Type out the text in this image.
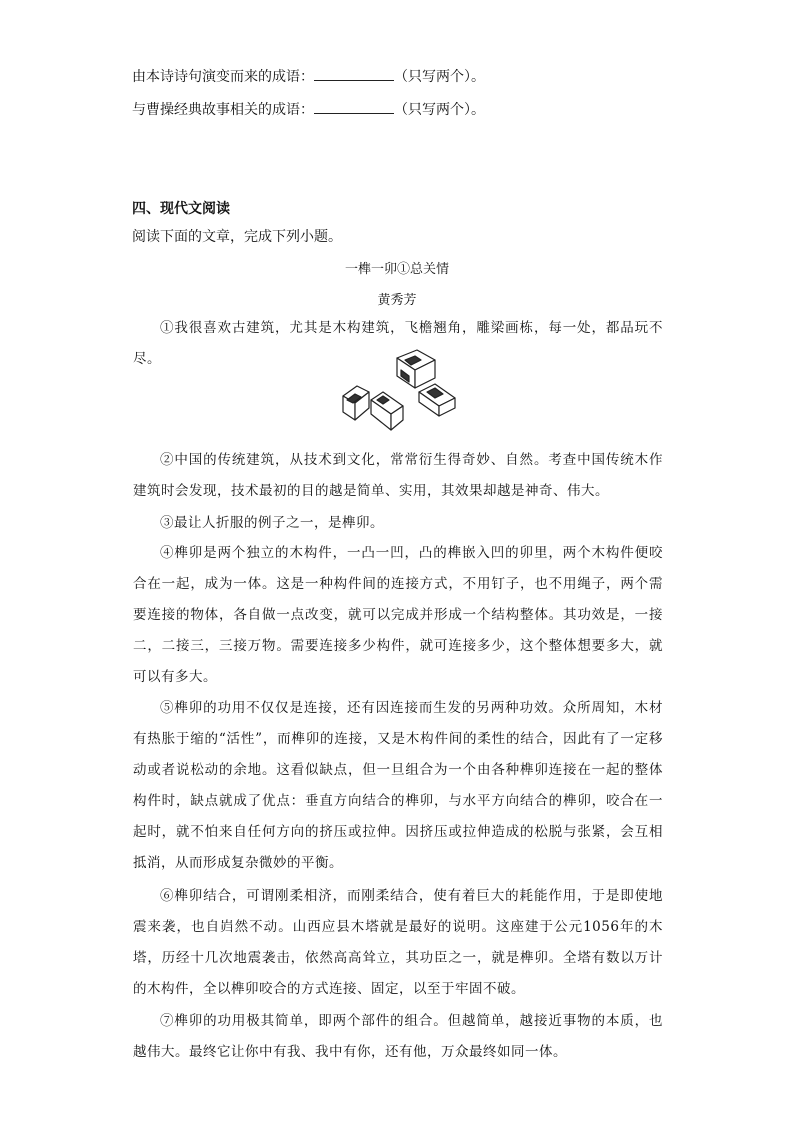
由本诗诗句演变而来的成语：	（只写两个）。
与曹操经典故事相关的成语：	（只写两个）。
四、现代文阅读
阅读下面的文章，完成下列小题。
一榫一卯①总关情
黄秀芳
①我很喜欢古建筑，尤其是木构建筑，飞檐翘角，雕梁画栋，每一处，都品玩不尽。
②中国的传统建筑，从技术到文化，常常衍生得奇妙、自然。考查中国传统木作建筑时会发现，技术最初的目的越是简单、实用，其效果却越是神奇、伟大。
③最让人折服的例子之一，是榫卯。
④榫卯是两个独立的木构件，一凸一凹，凸的榫嵌入凹的卯里，两个木构件便咬合在一起，成为一体。这是一种构件间的连接方式，不用钉子，也不用绳子，两个需要连接的物体，各自做一点改变，就可以完成并形成一个结构整体。其功效是，一接二，二接三，三接万物。需要连接多少构件，就可连接多少，这个整体想要多大，就可以有多大。
⑤榫卯的功用不仅仅是连接，还有因连接而生发的另两种功效。众所周知，木材有热胀于缩的“活性”，而榫卯的连接，又是木构件间的柔性的结合，因此有了一定移动或者说松动的余地。这看似缺点，但一旦组合为一个由各种榫卯连接在一起的整体构件时，缺点就成了优点：垂直方向结合的榫卯，与水平方向结合的榫卯，咬合在一起时，就不怕来自任何方向的挤压或拉伸。因挤压或拉伸造成的松脱与张紧，会互相抵消，从而形成复杂微妙的平衡。
⑥榫卯结合，可谓刚柔相济，而刚柔结合，使有着巨大的耗能作用，于是即使地震来袭，也自岿然不动。山西应县木塔就是最好的说明。这座建于公元1056年的木塔，历经十几次地震袭击，依然高高耸立，其功臣之一，就是榫卯。全塔有数以万计的木构件，全以榫卯咬合的方式连接、固定，以至于牢固不破。
⑦榫卯的功用极其简单，即两个部件的组合。但越简单，越接近事物的本质，也越伟大。最终它让你中有我、我中有你，还有他，万众最终如同一体。
